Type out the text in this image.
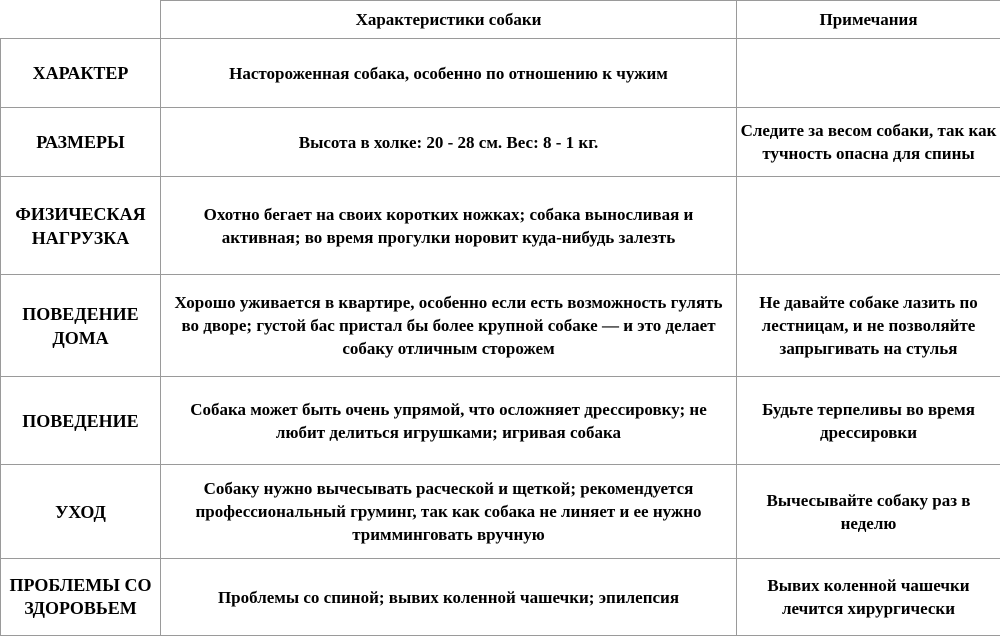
	Характеристики собаки	Примечания
ХАРАКТЕР	Настороженная собака, особенно по отношению к чужим	
РАЗМЕРЫ	Высота в холке: 20 - 28 см. Вес: 8 - 1 кг.	Следите за весом собаки, так как тучность опасна для спины
ФИЗИЧЕСКАЯ НАГРУЗКА	Охотно бегает на своих коротких ножках; собака выносливая и активная; во время прогулки норовит куда-нибудь залезть	
ПОВЕДЕНИЕ ДОМА	Хорошо уживается в квартире, особенно если есть возможность гулять во дворе; густой бас пристал бы более крупной собаке — и это делает собаку отличным сторожем	Не давайте собаке лазить по лестницам, и не позволяйте запрыгивать на стулья
ПОВЕДЕНИЕ	Собака может быть очень упрямой, что осложняет дрессировку; не любит делиться игрушками; игривая собака	Будьте терпеливы во время дрессировки
УХОД	Собаку нужно вычесывать расческой и щеткой; рекомендуется профессиональный груминг, так как собака не линяет и ее нужно тримминговать вручную	Вычесывайте собаку раз в неделю
ПРОБЛЕМЫ СО ЗДОРОВЬЕМ	Проблемы со спиной; вывих коленной чашечки; эпилепсия	Вывих коленной чашечки лечится хирургически
